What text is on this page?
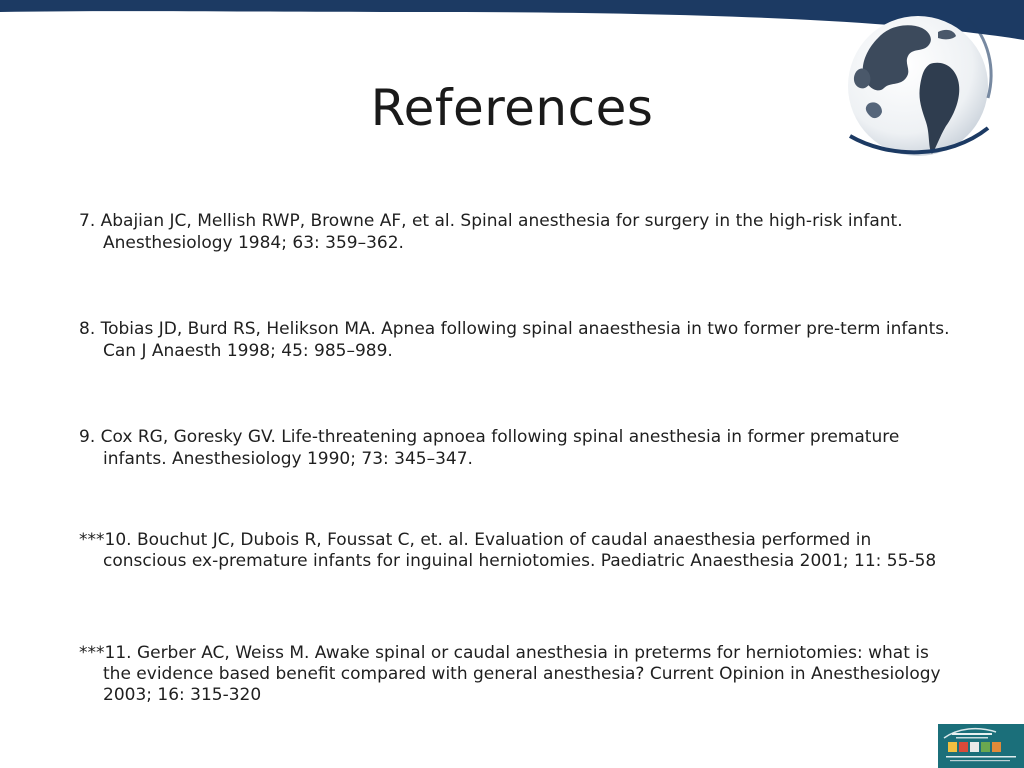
References
7. Abajian JC, Mellish RWP, Browne AF, et al. Spinal anesthesia for surgery in the high-risk infant. Anesthesiology 1984; 63: 359–362.
8. Tobias JD, Burd RS, Helikson MA. Apnea following spinal anaesthesia in two former pre-term infants. Can J Anaesth 1998; 45: 985–989.
9. Cox RG, Goresky GV. Life-threatening apnoea following spinal anesthesia in former premature infants. Anesthesiology 1990; 73: 345–347.
***10. Bouchut JC, Dubois R, Foussat C, et. al. Evaluation of caudal anaesthesia performed in conscious ex-premature infants for inguinal herniotomies. Paediatric Anaesthesia 2001; 11: 55-58
***11. Gerber AC, Weiss M. Awake spinal or caudal anesthesia in preterms for herniotomies: what is the evidence based benefit compared with general anesthesia? Current Opinion in Anesthesiology 2003; 16: 315-320
